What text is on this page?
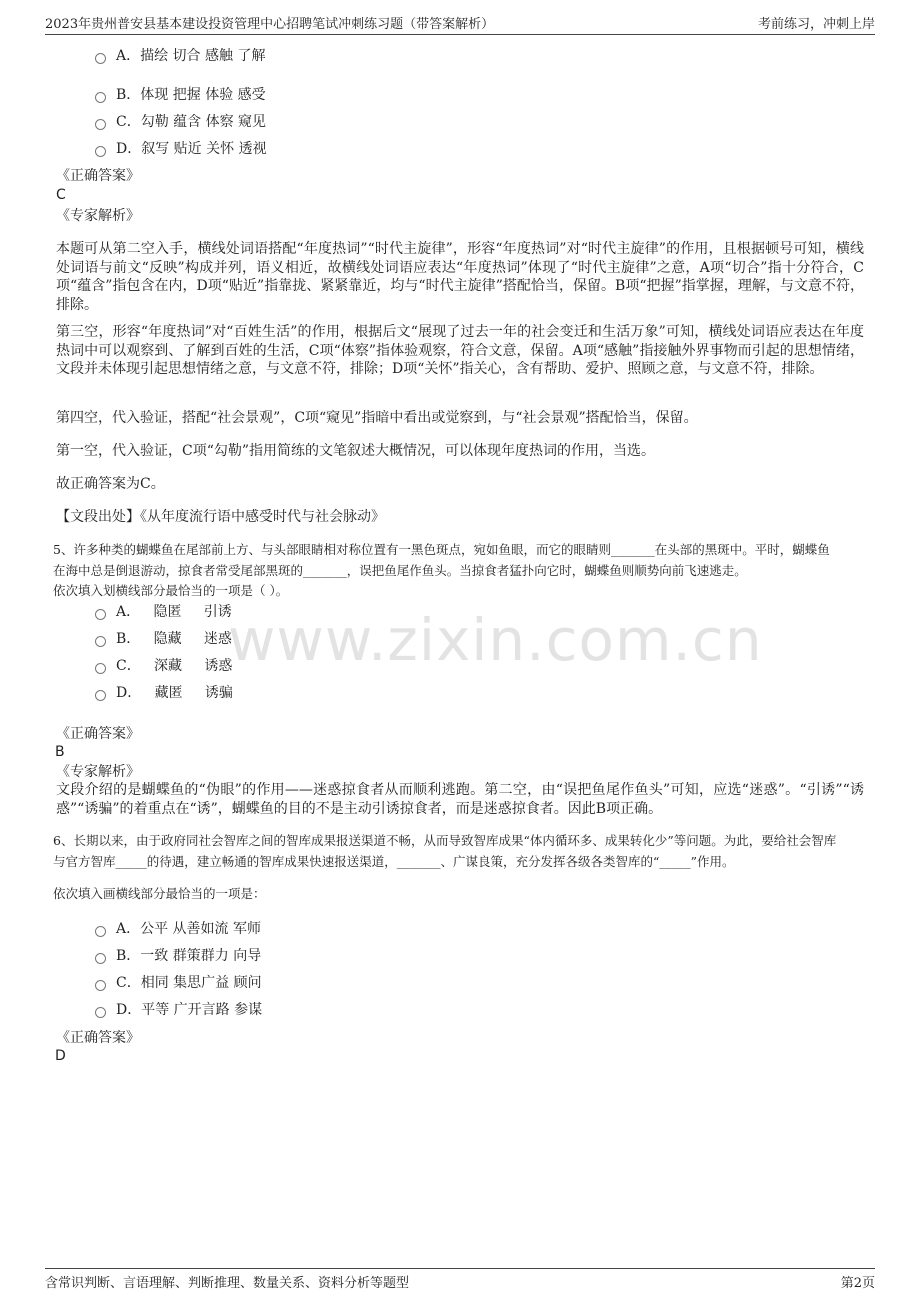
2023年贵州普安县基本建设投资管理中心招聘笔试冲刺练习题（带答案解析）	考前练习，冲刺上岸
www.zixin.com.cn
A．描绘 切合 感触 了解
B．体现 把握 体验 感受
C．勾勒 蕴含 体察 窥见
D．叙写 贴近 关怀 透视
《正确答案》
C
《专家解析》
本题可从第二空入手，横线处词语搭配“年度热词”“时代主旋律”，形容“年度热词”对“时代主旋律”的作用，且根据顿号可知，横线处词语与前文“反映”构成并列，语义相近，故横线处词语应表达“年度热词”体现了“时代主旋律”之意，A项“切合”指十分符合，C项“蕴含”指包含在内，D项“贴近”指靠拢、紧紧靠近，均与“时代主旋律”搭配恰当，保留。B项“把握”指掌握，理解，与文意不符，排除。
第三空，形容“年度热词”对“百姓生活”的作用，根据后文“展现了过去一年的社会变迁和生活万象”可知，横线处词语应表达在年度热词中可以观察到、了解到百姓的生活，C项“体察”指体验观察，符合文意，保留。A项“感触”指接触外界事物而引起的思想情绪，文段并未体现引起思想情绪之意，与文意不符，排除；D项“关怀”指关心，含有帮助、爱护、照顾之意，与文意不符，排除。
第四空，代入验证，搭配“社会景观”，C项“窥见”指暗中看出或觉察到，与“社会景观”搭配恰当，保留。
第一空，代入验证，C项“勾勒”指用简练的文笔叙述大概情况，可以体现年度热词的作用，当选。
故正确答案为C。
【文段出处】《从年度流行语中感受时代与社会脉动》
5、许多种类的蝴蝶鱼在尾部前上方、与头部眼睛相对称位置有一黑色斑点，宛如鱼眼，而它的眼睛则_______在头部的黑斑中。平时，蝴蝶鱼
在海中总是倒退游动，掠食者常受尾部黑斑的_______，误把鱼尾作鱼头。当掠食者猛扑向它时，蝴蝶鱼则顺势向前飞速逃走。
依次填入划横线部分最恰当的一项是（ ）。
A．   隐匿     引诱
B．   隐藏     迷惑
C．   深藏     诱惑
D．   藏匿     诱骗
《正确答案》
B
《专家解析》
文段介绍的是蝴蝶鱼的“伪眼”的作用——迷惑掠食者从而顺利逃跑。第二空，由“误把鱼尾作鱼头”可知，应选“迷惑”。“引诱”“诱惑”“诱骗”的着重点在“诱”，蝴蝶鱼的目的不是主动引诱掠食者，而是迷惑掠食者。因此B项正确。
6、长期以来，由于政府同社会智库之间的智库成果报送渠道不畅，从而导致智库成果“体内循环多、成果转化少”等问题。为此，要给社会智库
与官方智库_____的待遇，建立畅通的智库成果快速报送渠道，_______、广谋良策，充分发挥各级各类智库的“_____”作用。
依次填入画横线部分最恰当的一项是：
A．公平 从善如流 军师
B．一致 群策群力 向导
C．相同 集思广益 顾问
D．平等 广开言路 参谋
《正确答案》
D
含常识判断、言语理解、判断推理、数量关系、资料分析等题型	第2页
